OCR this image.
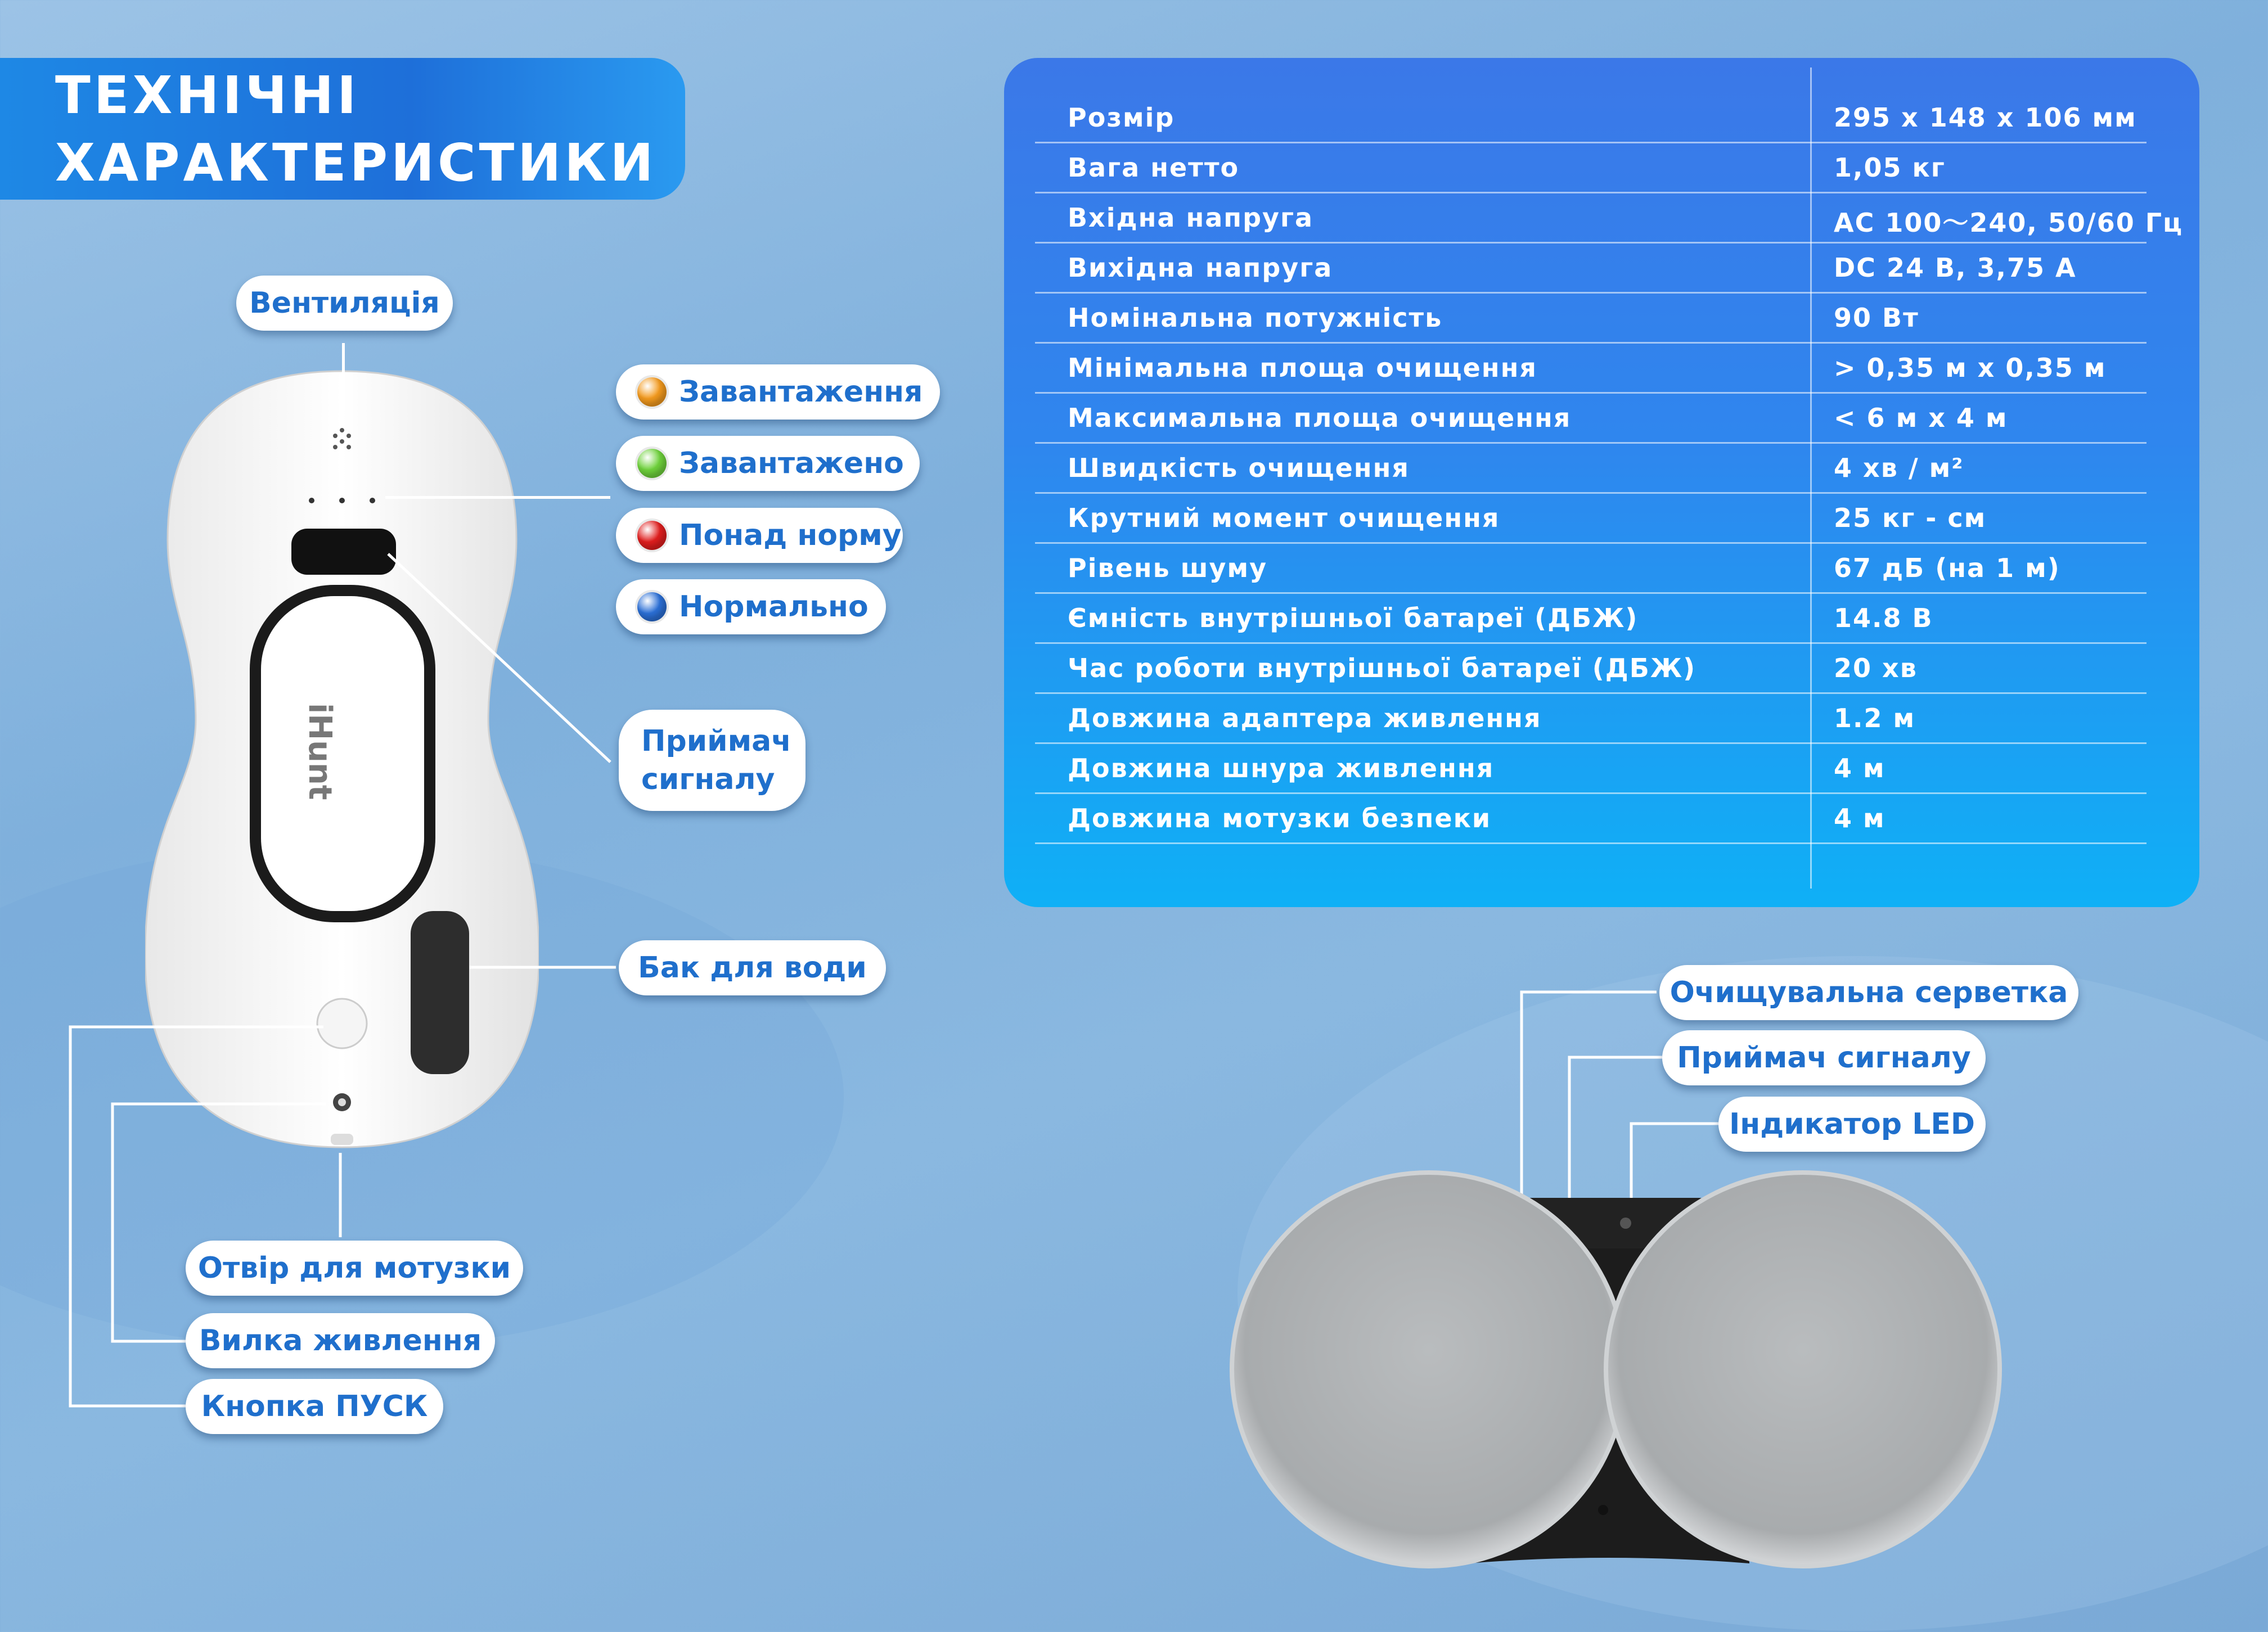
ТЕХНІЧНІ
ХАРАКТЕРИСТИКИ
Розмір	295 x 148 x 106 мм
Вага нетто	1,05 кг
Вхідна напруга	AC 100～240, 50/60 Гц
Вихідна напруга	DC 24 В, 3,75 А
Номінальна потужність	90 Вт
Мінімальна площа очищення	> 0,35 м х 0,35 м
Максимальна площа очищення	< 6 м х 4 м
Швидкість очищення	4 хв / м²
Крутний момент очищення	25 кг - см
Рівень шуму	67 дБ (на 1 м)
Ємність внутрішньої батареї (ДБЖ)	14.8 В
Час роботи внутрішньої батареї (ДБЖ)	20 хв
Довжина адаптера живлення	1.2 м
Довжина шнура живлення	4 м
Довжина мотузки безпеки	4 м
iHunt
Вентиляція
Завантаження
Завантажено
Понад норму
Нормально
Приймач
сигналу
Бак для води
Отвір для мотузки
Вилка живлення
Кнопка ПУСК
Очищувальна серветка
Приймач сигналу
Індикатор LED
